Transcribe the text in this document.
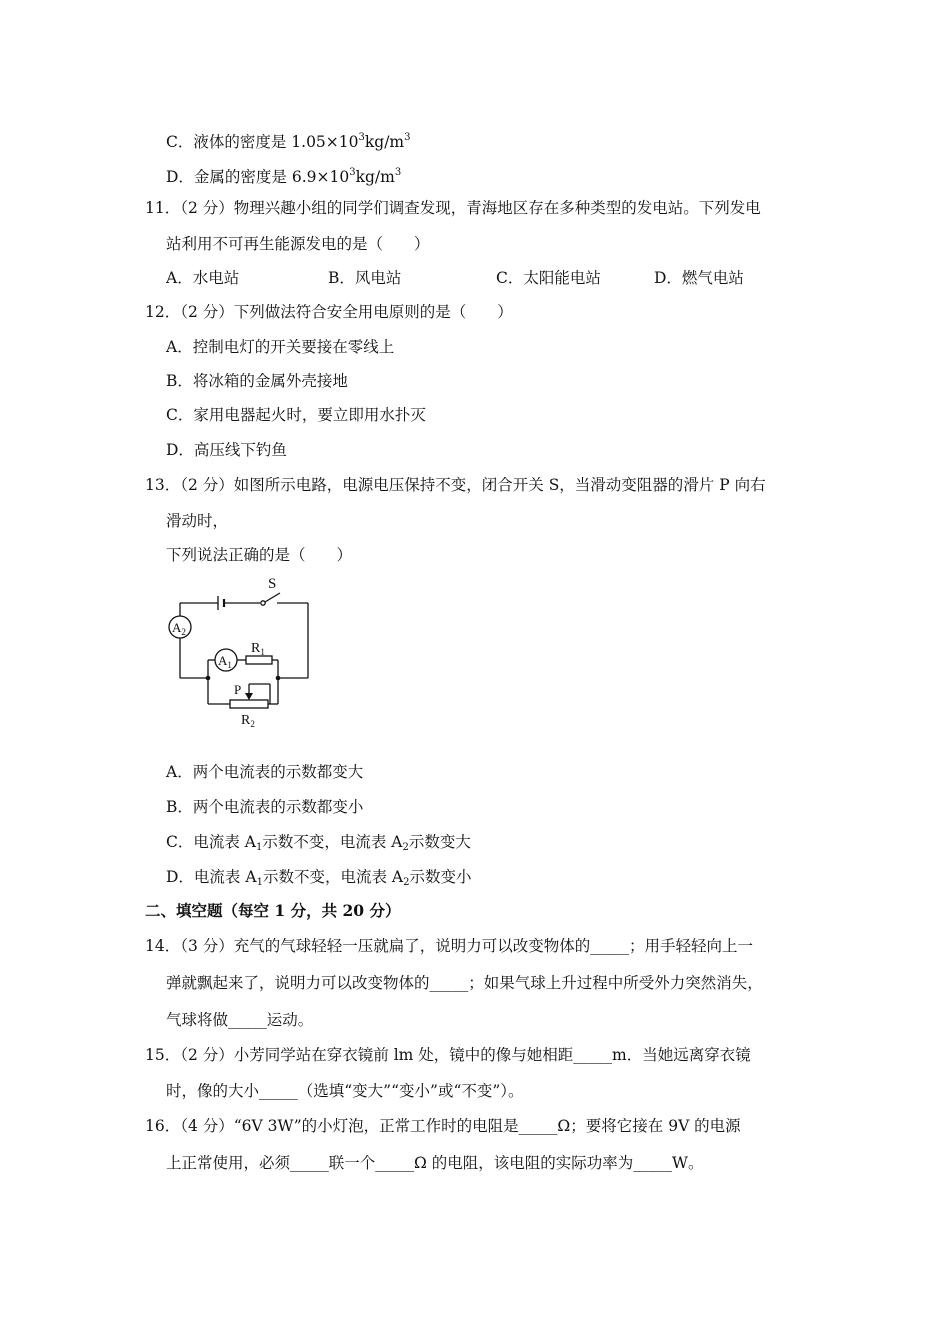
C．液体的密度是 $1.05\times 10^3kg/m^3$
D．金属的密度是 $6.9\times 10^3kg/m^3$
11．（2 分）物理兴趣小组的同学们调查发现，青海地区存在多种类型的发电站。下列发电
站利用不可再生能源发电的是（　　）
A．水电站	B．风电站	C．太阳能电站	D．燃气电站
12．（2 分）下列做法符合安全用电原则的是（　　）
A．控制电灯的开关要接在零线上
B．将冰箱的金属外壳接地
C．家用电器起火时，要立即用水扑灭
D．高压线下钓鱼
13．（2 分）如图所示电路，电源电压保持不变，闭合开关 S，当滑动变阻器的滑片 P 向右
滑动时，
下列说法正确的是（　　）
S
$A_2$
$A_1$
$R_1$
P
$R_2$
A．两个电流表的示数都变大
B．两个电流表的示数都变小
C．电流表 $A_1$示数不变，电流表 $A_2$示数变大
D．电流表 $A_1$示数不变，电流表 $A_2$示数变小
二、填空题（每空 1 分，共 20 分）
14．（3 分）充气的气球轻轻一压就扁了，说明力可以改变物体的_____；用手轻轻向上一
弹就飘起来了，说明力可以改变物体的_____；如果气球上升过程中所受外力突然消失，
气球将做_____运动。
15．（2 分）小芳同学站在穿衣镜前 lm 处，镜中的像与她相距_____m．当她远离穿衣镜
时，像的大小_____（选填“变大”“变小”或“不变”）。
16．（4 分）“6V 3W”的小灯泡，正常工作时的电阻是_____Ω；要将它接在 9V 的电源
上正常使用，必须_____联一个_____Ω 的电阻，该电阻的实际功率为_____W。
